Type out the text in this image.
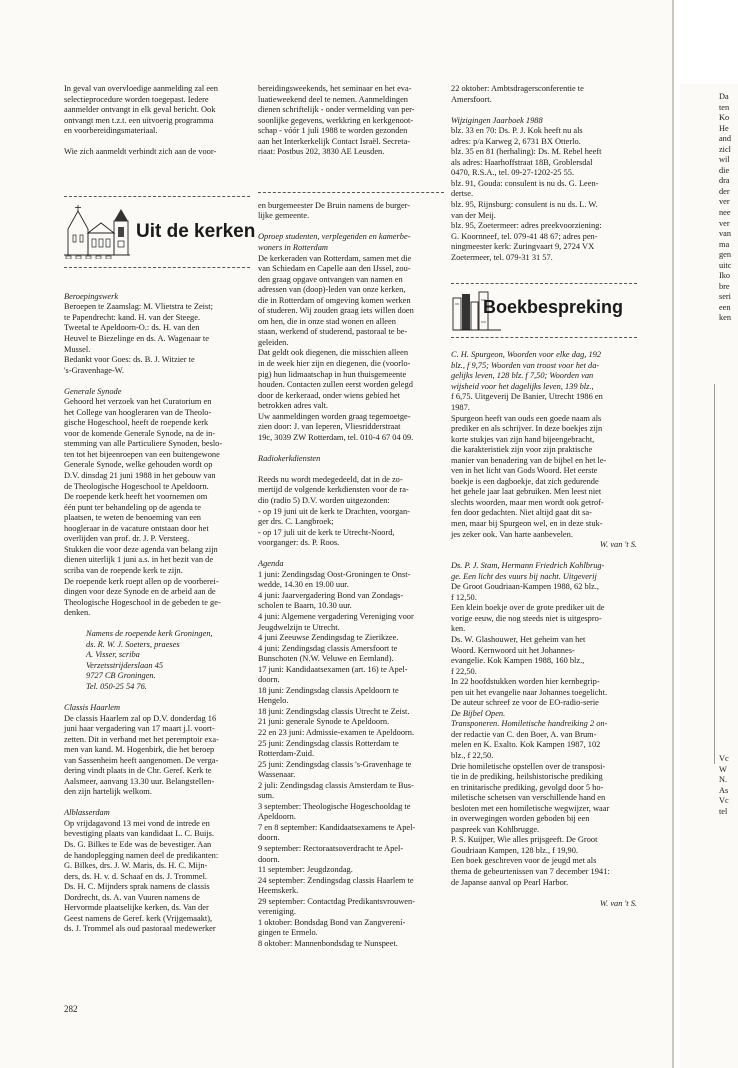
In geval van overvloedige aanmelding zal een

selectieprocedure worden toegepast. Iedere

aanmelder ontvangt in elk geval bericht. Ook

ontvangt men t.z.t. een uitvoerig programma

en voorbereidingsmateriaal.

Wie zich aanmeldt verbindt zich aan de voor-

Uit de kerken

Beroepingswerk

Beroepen te Zaamslag: M. Vlietstra te Zeist;

te Papendrecht: kand. H. van der Steege.

Tweetal te Apeldoorn-O.: ds. H. van den

Heuvel te Biezelinge en ds. A. Wagenaar te

Mussel.

Bedankt voor Goes: ds. B. J. Witzier te

's-Gravenhage-W.

Generale Synode

Gehoord het verzoek van het Curatorium en

het College van hoogleraren van de Theolo-

gische Hogeschool, heeft de roepende kerk

voor de komende Generale Synode, na de in-

stemming van alle Particuliere Synoden, beslo-

ten tot het bijeenroepen van een buitengewone

Generale Synode, welke gehouden wordt op

D.V. dinsdag 21 juni 1988 in het gebouw van

de Theologische Hogeschool te Apeldoorn.

De roepende kerk heeft het voornemen om

één punt ter behandeling op de agenda te

plaatsen, te weten de benoeming van een

hoogleraar in de vacature ontstaan door het

overlijden van prof. dr. J. P. Versteeg.

Stukken die voor deze agenda van belang zijn

dienen uiterlijk 1 juni a.s. in het bezit van de

scriba van de roepende kerk te zijn.

De roepende kerk roept allen op de voorberei-

dingen voor deze Synode en de arbeid aan de

Theologische Hogeschool in de gebeden te ge-

denken.

Namens de roepende kerk Groningen,

ds. R. W. J. Soeters, praeses

A. Visser, scriba

Verzetsstrijderslaan 45

9727 CB Groningen.

Tel. 050-25 54 76.

Classis Haarlem

De classis Haarlem zal op D.V. donderdag 16

juni haar vergadering van 17 maart j.l. voort-

zetten. Dit in verband met het peremptoir exa-

men van kand. M. Hogenbirk, die het beroep

van Sassenheim heeft aangenomen. De verga-

dering vindt plaats in de Chr. Geref. Kerk te

Aalsmeer, aanvang 13.30 uur. Belangstellen-

den zijn hartelijk welkom.

Alblasserdam

Op vrijdagavond 13 mei vond de intrede en

bevestiging plaats van kandidaat L. C. Buijs.

Ds. G. Bilkes te Ede was de bevestiger. Aan

de handoplegging namen deel de predikanten:

G. Bilkes, drs. J. W. Maris, ds. H. C. Mijn-

ders, ds. H. v. d. Schaaf en ds. J. Trommel.

Ds. H. C. Mijnders sprak namens de classis

Dordrecht, ds. A. van Vuuren namens de

Hervormde plaatselijke kerken, ds. Van der

Geest namens de Geref. kerk (Vrijgemaakt),

ds. J. Trommel als oud pastoraal medewerker

bereidingsweekends, het seminaar en het eva-

luatieweekend deel te nemen. Aanmeldingen

dienen schriftelijk - onder vermelding van per-

soonlijke gegevens, werkkring en kerkgenoot-

schap - vóór 1 juli 1988 te worden gezonden

aan het Interkerkelijk Contact Israël. Secreta-

riaat: Postbus 202, 3830 AE Leusden.

en burgemeester De Bruin namens de burger-

lijke gemeente.

Oproep studenten, verplegenden en kamerbe-

woners in Rotterdam

De kerkeraden van Rotterdam, samen met die

van Schiedam en Capelle aan den IJssel, zou-

den graag opgave ontvangen van namen en

adressen van (doop)-leden van onze kerken,

die in Rotterdam of omgeving komen werken

of studeren. Wij zouden graag iets willen doen

om hen, die in onze stad wonen en alleen

staan, werkend of studerend, pastoraal te be-

geleiden.

Dat geldt ook diegenen, die misschien alleen

in de week hier zijn en diegenen, die (voorlo-

pig) hun lidmaatschap in hun thuisgemeente

houden. Contacten zullen eerst worden gelegd

door de kerkeraad, onder wiens gebied het

betrokken adres valt.

Uw aanmeldingen worden graag tegemoetge-

zien door: J. van Ieperen, Vliesridderstraat

19c, 3039 ZW Rotterdam, tel. 010-4 67 04 09.

Radiokerkdiensten

Reeds nu wordt medegedeeld, dat in de zo-

mertijd de volgende kerkdiensten voor de ra-

dio (radio 5) D.V. worden uitgezonden:

- op 19 juni uit de kerk te Drachten, voorgan-

ger drs. C. Langbroek;

- op 17 juli uit de kerk te Utrecht-Noord,

voorganger: ds. P. Roos.

Agenda

1 juni: Zendingsdag Oost-Groningen te Onst-

wedde, 14.30 en 19.00 uur.

4 juni: Jaarvergadering Bond van Zondags-

scholen te Baarn, 10.30 uur.

4 juni: Algemene vergadering Vereniging voor

Jeugdwelzijn te Utrecht.

4 juni Zeeuwse Zendingsdag te Zierikzee.

4 juni: Zendingsdag classis Amersfoort te

Bunschoten (N.W. Veluwe en Eemland).

17 juni: Kandidaatsexamen (art. 16) te Apel-

doorn.

18 juni: Zendingsdag classis Apeldoorn te

Hengelo.

18 juni: Zendingsdag classis Utrecht te Zeist.

21 juni: generale Synode te Apeldoorn.

22 en 23 juni: Admissie-examen te Apeldoorn.

25 juni: Zendingsdag classis Rotterdam te

Rotterdam-Zuid.

25 juni: Zendingsdag classis 's-Gravenhage te

Wassenaar.

2 juli: Zendingsdag classis Amsterdam te Bus-

sum.

3 september: Theologische Hogeschooldag te

Apeldoorn.

7 en 8 september: Kandidaatsexamens te Apel-

doorn.

9 september: Rectoraatsoverdracht te Apel-

doorn.

11 september: Jeugdzondag.

24 september: Zendingsdag classis Haarlem te

Heemskerk.

29 september: Contactdag Predikantsvrouwen-

vereniging.

1 oktober: Bondsdag Bond van Zangverení-

gingen te Ermelo.

8 oktober: Mannenbondsdag te Nunspeet.

22 oktober: Ambtsdragersconferentie te

Amersfoort.

Wijzigingen Jaarboek 1988

blz. 33 en 70: Ds. P. J. Kok heeft nu als

adres: p/a Karweg 2, 6731 BX Otterlo.

blz. 35 en 81 (herhaling): Ds. M. Rebel heeft

als adres: Haarhoffstraat 18B, Groblersdal

0470, R.S.A., tel. 09-27-1202-25 55.

blz. 91, Gouda: consulent is nu ds. G. Leen-

dertse.

blz. 95, Rijnsburg: consulent is nu ds. L. W.

van der Meij.

blz. 95, Zoetermeer: adres preekvoorziening:

G. Koornneef, tel. 079-41 48 67; adres pen-

ningmeester kerk: Zuringvaart 9, 2724 VX

Zoetermeer, tel. 079-31 31 57.

Boekbespreking

C. H. Spurgeon, Woorden voor elke dag, 192

blz., f 9,75; Woorden van troost voor het da-

gelijks leven, 128 blz. f 7,50; Woorden van

wijsheid voor het dagelijks leven, 139 blz.,

f 6,75. Uitgeverij De Banier, Utrecht 1986 en

1987.

Spurgeon heeft van ouds een goede naam als

prediker en als schrijver. In deze boekjes zijn

korte stukjes van zijn hand bijeengebracht,

die karakteristiek zijn voor zijn praktische

manier van benadering van de bijbel en het le-

ven in het licht van Gods Woord. Het eerste

boekje is een dagboekje, dat zich gedurende

het gehele jaar laat gebruiken. Men leest niet

slechts woorden, maar men wordt ook getrof-

fen door gedachten. Niet altijd gaat dit sa-

men, maar bij Spurgeon wel, en in deze stuk-

jes zeker ook. Van harte aanbevelen.

W. van 't S.

Ds. P. J. Stam, Hermann Friedrich Kohlbrug-

ge. Een licht des vuurs bij nacht. Uitgeverij

De Groot Goudriaan-Kampen 1988, 62 blz.,

f 12,50.

Een klein boekje over de grote prediker uit de

vorige eeuw, die nog steeds niet is uitgespro-

ken.

Ds. W. Glashouwer, Het geheim van het

Woord. Kernwoord uit het Johannes-

evangelie. Kok Kampen 1988, 160 blz.,

f 22,50.

In 22 hoofdstukken worden hier kernbegrip-

pen uit het evangelie naar Johannes toegelicht.

De auteur schreef ze voor de EO-radio-serie

De Bijbel Open.

Transponeren. Homiletische handreiking 2 on-

der redactie van C. den Boer, A. van Brum-

melen en K. Exalto. Kok Kampen 1987, 102

blz., f 22,50.

Drie homiletische opstellen over de transposi-

tie in de prediking, heilshistorische prediking

en trinitarische prediking, gevolgd door 5 ho-

miletische schetsen van verschillende hand en

besloten met een homiletische wegwijzer, waar

in overwegingen worden geboden bij een

paspreek van Kohlbrugge.

P. S. Kuijper, Wie alles prijsgeeft. De Groot

Goudriaan Kampen, 128 blz., f 19,90.

Een boek geschreven voor de jeugd met als

thema de gebeurtenissen van 7 december 1941:

de Japanse aanval op Pearl Harbor.

W. van 't S.

282
Da
ten
Ko
He
and
zicl
wil
die
dra
der
ver
nee
ver
van
ma
gen
uitc
Iko
bre
seri
een
ken
Vc
W
N.
As
Vc
tel
